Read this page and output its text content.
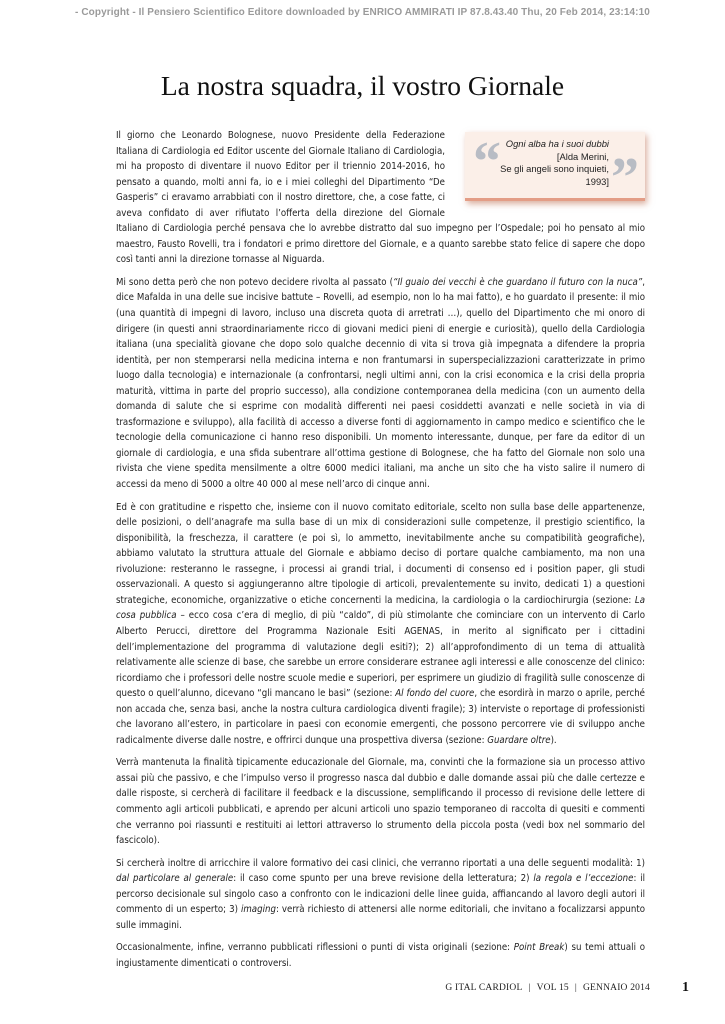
- Copyright - Il Pensiero Scientifico Editore downloaded by ENRICO AMMIRATI IP 87.8.43.40 Thu, 20 Feb 2014, 23:14:10
La nostra squadra, il vostro Giornale
“ Ogni alba ha i suoi dubbi
[Alda Merini,
Se gli angeli sono inquieti,
1993] ”

Il giorno che Leonardo Bolognese, nuovo Presidente della Federazione Italiana di Cardiologia ed Editor uscente del Giornale Italiano di Cardiologia, mi ha proposto di diventare il nuovo Editor per il triennio 2014-2016, ho pensato a quando, molti anni fa, io e i miei colleghi del Dipartimento “De Gasperis” ci eravamo arrabbiati con il nostro direttore, che, a cose fatte, ci aveva confidato di aver rifiutato l’offerta della direzione del Giornale Italiano di Cardiologia perché pensava che lo avrebbe distratto dal suo impegno per l’Ospedale; poi ho pensato al mio maestro, Fausto Rovelli, tra i fondatori e primo direttore del Giornale, e a quanto sarebbe stato felice di sapere che dopo così tanti anni la direzione tornasse al Niguarda.

Mi sono detta però che non potevo decidere rivolta al passato (“Il guaio dei vecchi è che guardano il futuro con la nuca”, dice Mafalda in una delle sue incisive battute – Rovelli, ad esempio, non lo ha mai fatto), e ho guardato il presente: il mio (una quantità di impegni di lavoro, incluso una discreta quota di arretrati …), quello del Dipartimento che mi onoro di dirigere (in questi anni straordinariamente ricco di giovani medici pieni di energie e curiosità), quello della Cardiologia italiana (una specialità giovane che dopo solo qualche decennio di vita si trova già impegnata a difendere la propria identità, per non stemperarsi nella medicina interna e non frantumarsi in superspecializzazioni caratterizzate in primo luogo dalla tecnologia) e internazionale (a confrontarsi, negli ultimi anni, con la crisi economica e la crisi della propria maturità, vittima in parte del proprio successo), alla condizione contemporanea della medicina (con un aumento della domanda di salute che si esprime con modalità differenti nei paesi cosiddetti avanzati e nelle società in via di trasformazione e sviluppo), alla facilità di accesso a diverse fonti di aggiornamento in campo medico e scientifico che le tecnologie della comunicazione ci hanno reso disponibili. Un momento interessante, dunque, per fare da editor di un giornale di cardiologia, e una sfida subentrare all’ottima gestione di Bolognese, che ha fatto del Giornale non solo una rivista che viene spedita mensilmente a oltre 6000 medici italiani, ma anche un sito che ha visto salire il numero di accessi da meno di 5000 a oltre 40 000 al mese nell’arco di cinque anni.

Ed è con gratitudine e rispetto che, insieme con il nuovo comitato editoriale, scelto non sulla base delle appartenenze, delle posizioni, o dell’anagrafe ma sulla base di un mix di considerazioni sulle competenze, il prestigio scientifico, la disponibilità, la freschezza, il carattere (e poi sì, lo ammetto, inevitabilmente anche su compatibilità geografiche), abbiamo valutato la struttura attuale del Giornale e abbiamo deciso di portare qualche cambiamento, ma non una rivoluzione: resteranno le rassegne, i processi ai grandi trial, i documenti di consenso ed i position paper, gli studi osservazionali. A questo si aggiungeranno altre tipologie di articoli, prevalentemente su invito, dedicati 1) a questioni strategiche, economiche, organizzative o etiche concernenti la medicina, la cardiologia o la cardiochirurgia (sezione: La cosa pubblica – ecco cosa c’era di meglio, di più “caldo”, di più stimolante che cominciare con un intervento di Carlo Alberto Perucci, direttore del Programma Nazionale Esiti AGENAS, in merito al significato per i cittadini dell’implementazione del programma di valutazione degli esiti?); 2) all’approfondimento di un tema di attualità relativamente alle scienze di base, che sarebbe un errore considerare estranee agli interessi e alle conoscenze del clinico: ricordiamo che i professori delle nostre scuole medie e superiori, per esprimere un giudizio di fragilità sulle conoscenze di questo o quell’alunno, dicevano “gli mancano le basi” (sezione: Al fondo del cuore, che esordirà in marzo o aprile, perché non accada che, senza basi, anche la nostra cultura cardiologica diventi fragile); 3) interviste o reportage di professionisti che lavorano all’estero, in particolare in paesi con economie emergenti, che possono percorrere vie di sviluppo anche radicalmente diverse dalle nostre, e offrirci dunque una prospettiva diversa (sezione: Guardare oltre).

Verrà mantenuta la finalità tipicamente educazionale del Giornale, ma, convinti che la formazione sia un processo attivo assai più che passivo, e che l’impulso verso il progresso nasca dal dubbio e dalle domande assai più che dalle certezze e dalle risposte, si cercherà di facilitare il feedback e la discussione, semplificando il processo di revisione delle lettere di commento agli articoli pubblicati, e aprendo per alcuni articoli uno spazio temporaneo di raccolta di quesiti e commenti che verranno poi riassunti e restituiti ai lettori attraverso lo strumento della piccola posta (vedi box nel sommario del fascicolo).

Si cercherà inoltre di arricchire il valore formativo dei casi clinici, che verranno riportati a una delle seguenti modalità: 1) dal particolare al generale: il caso come spunto per una breve revisione della letteratura; 2) la regola e l’eccezione: il percorso decisionale sul singolo caso a confronto con le indicazioni delle linee guida, affiancando al lavoro degli autori il commento di un esperto; 3) imaging: verrà richiesto di attenersi alle norme editoriali, che invitano a focalizzarsi appunto sulle immagini.

Occasionalmente, infine, verranno pubblicati riflessioni o punti di vista originali (sezione: Point Break) su temi attuali o ingiustamente dimenticati o controversi.

G ITAL CARDIOL | VOL 15 | GENNAIO 2014 1
